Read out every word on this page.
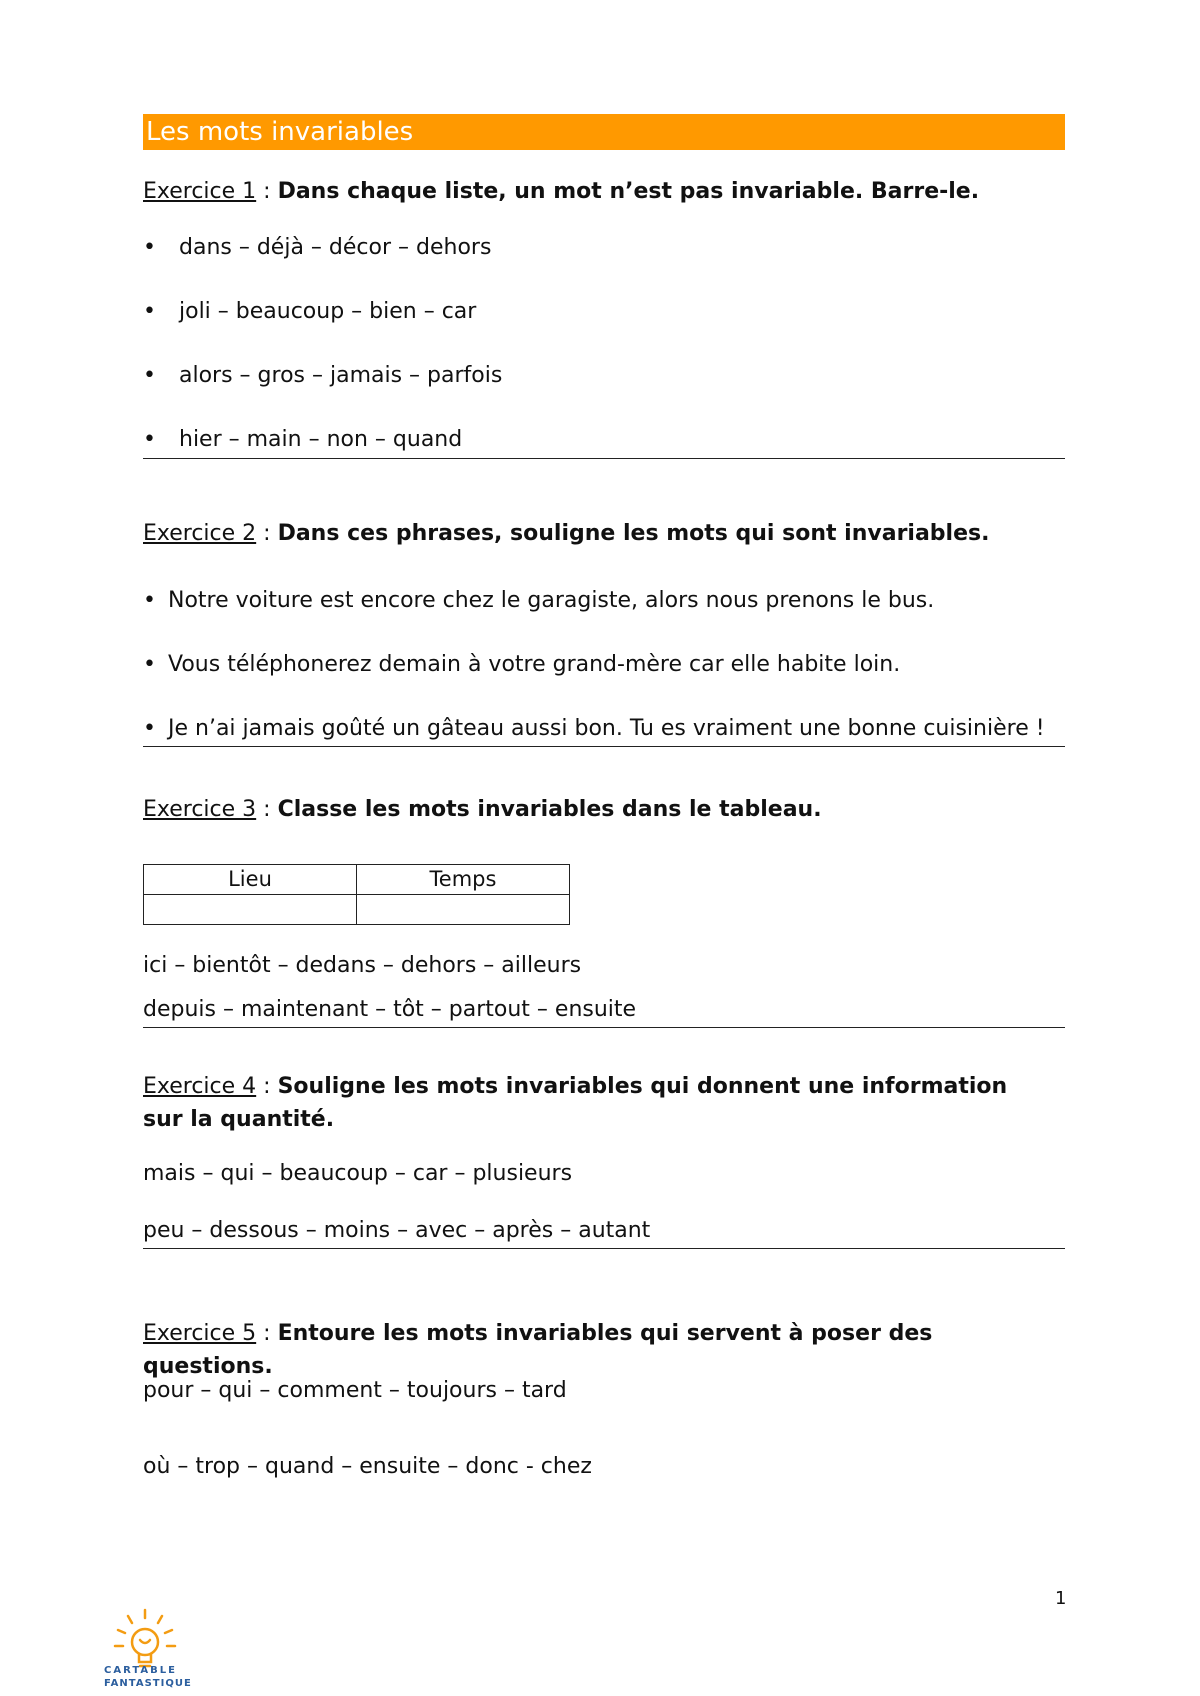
Les mots invariables
Exercice 1 : Dans chaque liste, un mot n’est pas invariable. Barre-le.
• dans – déjà – décor – dehors
• joli – beaucoup – bien – car
• alors – gros – jamais – parfois
• hier – main – non – quand
Exercice 2 : Dans ces phrases, souligne les mots qui sont invariables.
• Notre voiture est encore chez le garagiste, alors nous prenons le bus.
• Vous téléphonerez demain à votre grand-mère car elle habite loin.
• Je n’ai jamais goûté un gâteau aussi bon. Tu es vraiment une bonne cuisinière !
Exercice 3 : Classe les mots invariables dans le tableau.
Lieu	Temps

ici – bientôt – dedans – dehors – ailleurs
depuis – maintenant – tôt – partout – ensuite
Exercice 4 : Souligne les mots invariables qui donnent une information sur la quantité.
mais – qui – beaucoup – car – plusieurs
peu – dessous – moins – avec – après – autant
Exercice 5 : Entoure les mots invariables qui servent à poser des questions.
pour – qui – comment – toujours – tard
où – trop – quand – ensuite – donc - chez
1
CARTABLE
FANTASTIQUE
